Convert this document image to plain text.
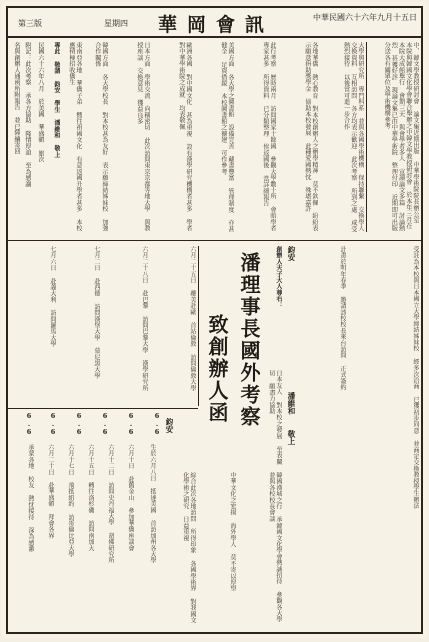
中華民國六十六年九月十五日
華岡會訊
星期四
第三版
中、韓文學教授研討會 論文集近期出版 中華學術院院長辦公室 本院與韓國文化學會聯合舉辦之中韓文學教授研討會 於本年三月在本院大成館舉行 會期三天 與會學者多人 宣讀論文多篇 討論熱烈 甚獲好評 現論文集已由中華學術院 整理付印 近期即可出版 分送各有關單位及學術機構參考
大學與研究所 專門科系 並與各國學術機構 保持聯繫 交換學人 交換資料 互相訪問 各方均表示歡迎 此次考察 所到之處 咸受熱烈接待 以後當可進一步合作
各地華僑 熱心教育 對本校創辦人之辦學精神 莫不欽佩 紛紛表示願意捐助獎學金 協助本校發展 此種愛國熱忱 殊堪嘉許
此行考察 歷時兩月 訪問國家十餘國 參觀大學數十所 會晤學者專家甚多 所得資料 已分類整理 俟返國後 當詳細報告
美國方面 各大學之圖書館 設備完善 藏書豐富 管理制度 亦甚健全 足資借鏡 本校圖書館之擴建 可作參考
歐洲各國 對中國文化 甚為重視 設有漢學研究機構者甚多 學者對中華學術院之成就 均表敬佩
日本方面 學術交流 向稱密切 此次訪問東京京都等地大學 與教授座談 交換意見 獲益良多
韓國方面 各大學校長 對本校甚為友好 表示願締結姊妹校 加強合作關係
東南亞各地 華僑子弟 嚮往祖國文化 有意返國升學者甚多 本校應積極招收僑生
專此 敬請 鈞安 學生 潘維和 敬上
民國六十六年八月 於美國 華盛頓 旅次
附記：此次考察 承各方協助 隆情厚誼 至為感謝
名與創辦人通函所附報告 並已陸續寄回
受託為本校與日本國立大學締結姊妹校 經多次洽商 已獲初步同意 並商定交換教授學生辦法
計畫於明年春季 邀請該校校長來台訪問 正式簽約
鈞安
潘理事長國外考察
致創辦人函
創辦人夫子大人尊右：
日本友人 對本校之發展 至表關切 願盡力協助
六月二十五日 離美赴歐 首站倫敦 訪問倫敦大學
六月二十八日 赴巴黎 訪問巴黎大學 漢學研究所
七月二日 赴西德 訪問漢堡大學 慕尼黑大學
七月六日 赴義大利 訪問羅馬大學
韓國漢城之行 承韓國文化學會熱誠招待 參觀各大學 並與各校校長會談
中華文化之宏揚 海外學人 莫不寄以厚望
綜合此次各地訪問 所得印象 各國學術界 對我國文化學術之研究 日益重視
鈞安
6.6
6.6
6.6
6.6
6.6
6.6
生於六月八日 抵達美國 首訪加州各大學
六月十日 赴舊金山 參加華僑座談會
六月十二日 訪問史丹福大學 胡佛研究所
六月十五日 轉往洛杉磯 訪問南加大
六月十七日 飛抵紐約 訪哥倫比亞大學
六月二十日 赴華盛頓 拜會各界
承蒙各地 校友 熱忱接待 深為感激
潘維和
敬上
